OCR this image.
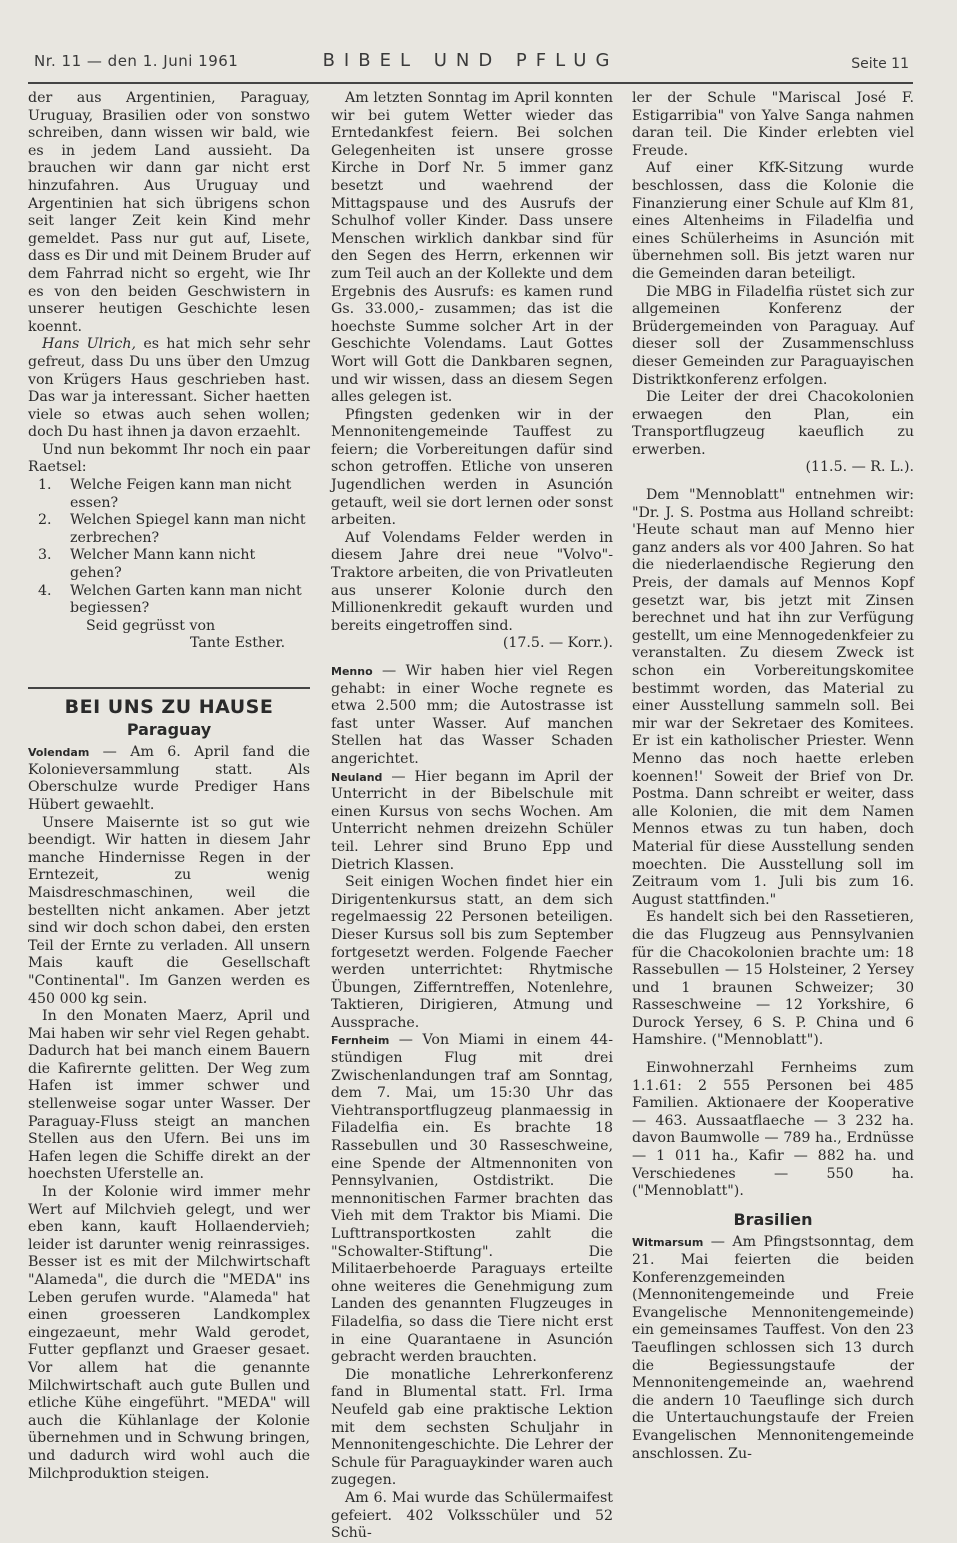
Nr. 11 — den 1. Juni 1961	BIBEL UND PFLUG	Seite 11

der aus Argentinien, Paraguay, Uruguay, Brasilien oder von sonstwo schreiben, dann wissen wir bald, wie es in jedem Land aussieht. Da brauchen wir dann gar nicht erst hinzufahren. Aus Uruguay und Argentinien hat sich übrigens schon seit langer Zeit kein Kind mehr gemeldet. Pass nur gut auf, Lisete, dass es Dir und mit Deinem Bruder auf dem Fahrrad nicht so ergeht, wie Ihr es von den beiden Geschwistern in unserer heutigen Geschichte lesen koennt.

Hans Ulrich, es hat mich sehr sehr gefreut, dass Du uns über den Umzug von Krügers Haus geschrieben hast. Das war ja interessant. Sicher haetten viele so etwas auch sehen wollen; doch Du hast ihnen ja davon erzaehlt.

Und nun bekommt Ihr noch ein paar Raetsel:

1. Welche Feigen kann man nicht essen?
2. Welchen Spiegel kann man nicht zerbrechen?
3. Welcher Mann kann nicht gehen?
4. Welchen Garten kann man nicht begiessen?

Seid gegrüsst von

Tante Esther.

BEI UNS ZU HAUSE
Paraguay

Volendam — Am 6. April fand die Kolonieversammlung statt. Als Oberschulze wurde Prediger Hans Hübert gewaehlt.

Unsere Maisernte ist so gut wie beendigt. Wir hatten in diesem Jahr manche Hindernisse Regen in der Erntezeit, zu wenig Maisdreschmaschinen, weil die bestellten nicht ankamen. Aber jetzt sind wir doch schon dabei, den ersten Teil der Ernte zu verladen. All unsern Mais kauft die Gesellschaft "Continental". Im Ganzen werden es 450 000 kg sein.

In den Monaten Maerz, April und Mai haben wir sehr viel Regen gehabt. Dadurch hat bei manch einem Bauern die Kafirernte gelitten. Der Weg zum Hafen ist immer schwer und stellenweise sogar unter Wasser. Der Paraguay-Fluss steigt an manchen Stellen aus den Ufern. Bei uns im Hafen legen die Schiffe direkt an der hoechsten Uferstelle an.

In der Kolonie wird immer mehr Wert auf Milchvieh gelegt, und wer eben kann, kauft Hollaendervieh; leider ist darunter wenig reinrassiges. Besser ist es mit der Milchwirtschaft "Alameda", die durch die "MEDA" ins Leben gerufen wurde. "Alameda" hat einen groesseren Landkomplex eingezaeunt, mehr Wald gerodet, Futter gepflanzt und Graeser gesaet. Vor allem hat die genannte Milchwirtschaft auch gute Bullen und etliche Kühe eingeführt. "MEDA" will auch die Kühlanlage der Kolonie übernehmen und in Schwung bringen, und dadurch wird wohl auch die Milchproduktion steigen.

Am letzten Sonntag im April konnten wir bei gutem Wetter wieder das Erntedankfest feiern. Bei solchen Gelegenheiten ist unsere grosse Kirche in Dorf Nr. 5 immer ganz besetzt und waehrend der Mittagspause und des Ausrufs der Schulhof voller Kinder. Dass unsere Menschen wirklich dankbar sind für den Segen des Herrn, erkennen wir zum Teil auch an der Kollekte und dem Ergebnis des Ausrufs: es kamen rund Gs. 33.000,- zusammen; das ist die hoechste Summe solcher Art in der Geschichte Volendams. Laut Gottes Wort will Gott die Dankbaren segnen, und wir wissen, dass an diesem Segen alles gelegen ist.

Pfingsten gedenken wir in der Mennonitengemeinde Tauffest zu feiern; die Vorbereitungen dafür sind schon getroffen. Etliche von unseren Jugendlichen werden in Asunción getauft, weil sie dort lernen oder sonst arbeiten.

Auf Volendams Felder werden in diesem Jahre drei neue "Volvo"-Traktore arbeiten, die von Privatleuten aus unserer Kolonie durch den Millionenkredit gekauft wurden und bereits eingetroffen sind.

(17.5. — Korr.).

Menno — Wir haben hier viel Regen gehabt: in einer Woche regnete es etwa 2.500 mm; die Autostrasse ist fast unter Wasser. Auf manchen Stellen hat das Wasser Schaden angerichtet.

Neuland — Hier begann im April der Unterricht in der Bibelschule mit einen Kursus von sechs Wochen. Am Unterricht nehmen dreizehn Schüler teil. Lehrer sind Bruno Epp und Dietrich Klassen.

Seit einigen Wochen findet hier ein Dirigentenkursus statt, an dem sich regelmaessig 22 Personen beteiligen. Dieser Kursus soll bis zum September fortgesetzt werden. Folgende Faecher werden unterrichtet: Rhytmische Übungen, Zifferntreffen, Notenlehre, Taktieren, Dirigieren, Atmung und Aussprache.

Fernheim — Von Miami in einem 44-stündigen Flug mit drei Zwischenlandungen traf am Sonntag, dem 7. Mai, um 15:30 Uhr das Viehtransportflugzeug planmaessig in Filadelfia ein. Es brachte 18 Rassebullen und 30 Rasseschweine, eine Spende der Altmennoniten von Pennsylvanien, Ostdistrikt. Die mennonitischen Farmer brachten das Vieh mit dem Traktor bis Miami. Die Lufttransportkosten zahlt die "Schowalter-Stiftung". Die Militaerbehoerde Paraguays erteilte ohne weiteres die Genehmigung zum Landen des genannten Flugzeuges in Filadelfia, so dass die Tiere nicht erst in eine Quarantaene in Asunción gebracht werden brauchten.

Die monatliche Lehrerkonferenz fand in Blumental statt. Frl. Irma Neufeld gab eine praktische Lektion mit dem sechsten Schuljahr in Mennonitengeschichte. Die Lehrer der Schule für Paraguaykinder waren auch zugegen.

Am 6. Mai wurde das Schülermaifest gefeiert. 402 Volksschüler und 52 Schü-

ler der Schule "Mariscal José F. Estigarribia" von Yalve Sanga nahmen daran teil. Die Kinder erlebten viel Freude.

Auf einer KfK-Sitzung wurde beschlossen, dass die Kolonie die Finanzierung einer Schule auf Klm 81, eines Altenheims in Filadelfia und eines Schülerheims in Asunción mit übernehmen soll. Bis jetzt waren nur die Gemeinden daran beteiligt.

Die MBG in Filadelfia rüstet sich zur allgemeinen Konferenz der Brüdergemeinden von Paraguay. Auf dieser soll der Zusammenschluss dieser Gemeinden zur Paraguayischen Distriktkonferenz erfolgen.

Die Leiter der drei Chacokolonien erwaegen den Plan, ein Transportflugzeug kaeuflich zu erwerben.

(11.5. — R. L.).

Dem "Mennoblatt" entnehmen wir: "Dr. J. S. Postma aus Holland schreibt: 'Heute schaut man auf Menno hier ganz anders als vor 400 Jahren. So hat die niederlaendische Regierung den Preis, der damals auf Mennos Kopf gesetzt war, bis jetzt mit Zinsen berechnet und hat ihn zur Verfügung gestellt, um eine Mennogedenkfeier zu veranstalten. Zu diesem Zweck ist schon ein Vorbereitungskomitee bestimmt worden, das Material zu einer Ausstellung sammeln soll. Bei mir war der Sekretaer des Komitees. Er ist ein katholischer Priester. Wenn Menno das noch haette erleben koennen!' Soweit der Brief von Dr. Postma. Dann schreibt er weiter, dass alle Kolonien, die mit dem Namen Mennos etwas zu tun haben, doch Material für diese Ausstellung senden moechten. Die Ausstellung soll im Zeitraum vom 1. Juli bis zum 16. August stattfinden."

Es handelt sich bei den Rassetieren, die das Flugzeug aus Pennsylvanien für die Chacokolonien brachte um: 18 Rassebullen — 15 Holsteiner, 2 Yersey und 1 braunen Schweizer; 30 Rasseschweine — 12 Yorkshire, 6 Durock Yersey, 6 S. P. China und 6 Hamshire. ("Mennoblatt").

Einwohnerzahl Fernheims zum 1.1.61: 2 555 Personen bei 485 Familien. Aktionaere der Kooperative — 463. Aussaatflaeche — 3 232 ha. davon Baumwolle — 789 ha., Erdnüsse — 1 011 ha., Kafir — 882 ha. und Verschiedenes — 550 ha. ("Mennoblatt").

Brasilien

Witmarsum — Am Pfingstsonntag, dem 21. Mai feierten die beiden Konferenzgemeinden (Mennonitengemeinde und Freie Evangelische Mennonitengemeinde) ein gemeinsames Tauffest. Von den 23 Taeuflingen schlossen sich 13 durch die Begiessungstaufe der Mennonitengemeinde an, waehrend die andern 10 Taeuflinge sich durch die Untertauchungstaufe der Freien Evangelischen Mennonitengemeinde anschlossen. Zu-
